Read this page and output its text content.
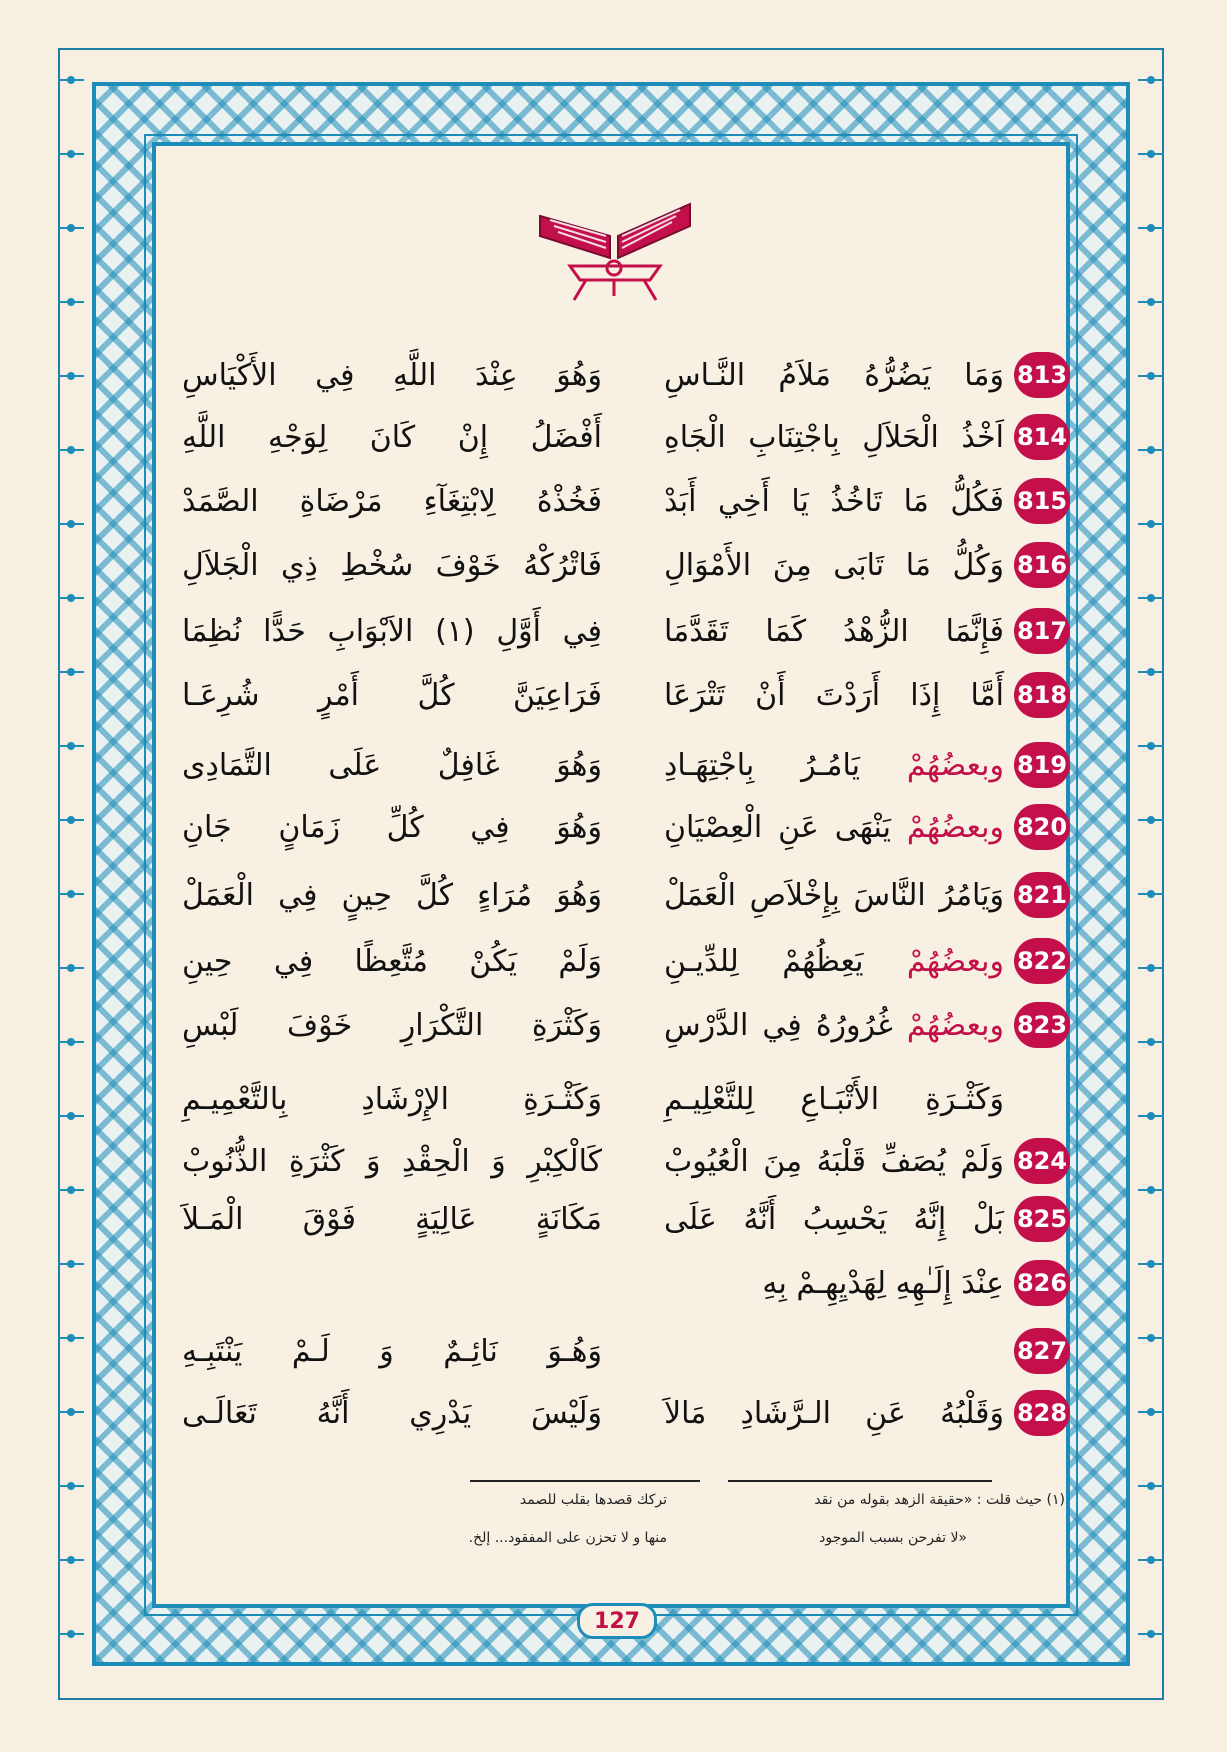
813
وَمَا يَضُرُّهُ مَلاَمُ النَّـاسِ
وَهُوَ عِنْدَ اللَّهِ فِي الأَكْيَاسِ
814
اَخْذُ الْحَلاَلِ بِاجْتِنَابِ الْجَاهِ
أَفْضَلُ إِنْ كَانَ لِوَجْهِ اللَّهِ
815
فَكُلُّ مَا تَاخُذُ يَا أَخِي أَبَدْ
فَخُذْهُ لِابْتِغَآءِ مَرْضَاةِ الصَّمَدْ
816
وَكُلُّ مَا تَابَى مِنَ الأَمْوَالِ
فَاتْرُكْهُ خَوْفَ سُخْطِ ذِي الْجَلاَلِ
817
فَإِنَّمَا الزُّهْدُ كَمَا تَقَدَّمَا
فِي أَوَّلِ (١) الاَبْوَابِ حَدًّا نُظِمَا
818
أَمَّا إِذَا أَرَدْتَ أَنْ تَتْرَعَا
فَرَاعِيَنَّ كُلَّ أَمْرٍ شُرِعَـا
819
وبعضُهُمْ يَامُـرُ بِاجْتِهَـادِ
وَهُوَ غَافِلٌ عَلَى التَّمَادِى
820
وبعضُهُمْ يَنْهَى عَنِ الْعِصْيَانِ
وَهُوَ فِي كُلِّ زَمَانٍ جَانِ
821
وَيَامُرُ النَّاسَ بِإِخْلاَصِ الْعَمَلْ
وَهُوَ مُرَاءٍ كُلَّ حِينٍ فِي الْعَمَلْ
822
وبعضُهُمْ يَعِظُهُمْ لِلدِّيـنِ
وَلَمْ يَكُنْ مُتَّعِظًا فِي حِينِ
823
وبعضُهُمْ غُرُورُهُ فِي الدَّرْسِ
وَكَثْرَةِ التَّكْرَارِ خَوْفَ لَبْسِ
وَكَثْـرَةِ الأَتْبَـاعِ لِلتَّعْلِيـمِ
وَكَثْـرَةِ الإِرْشَادِ بِالتَّعْمِيـمِ
824
وَلَمْ يُصَفِّ قَلْبَهُ مِنَ الْعُيُوبْ
كَالْكِبْرِ وَ الْحِقْدِ وَ كَثْرَةِ الذُّنُوبْ
825
بَلْ إِنَّهُ يَحْسِبُ أَنَّهُ عَلَى
مَكَانَةٍ عَالِيَةٍ فَوْقَ الْمَـلاَ
826
عِنْدَ إِلَـٰهِهِ لِهَدْيِهِـمْ بِهِ
827
وَهُـوَ نَائِـمٌ وَ لَـمْ يَنْتَبِـهِ
828
وَقَلْبُهُ عَنِ الـرَّشَادِ مَالاَ
وَلَيْسَ يَدْرِي أَنَّهُ تَعَالَـى
(١) حيث قلت : «حقيقة الزهد بقوله من نقد
تركك قصدها بقلب للصمد
«لا تفرحن بسبب الموجود
منها و لا تحزن على المفقود... إلخ.
127
